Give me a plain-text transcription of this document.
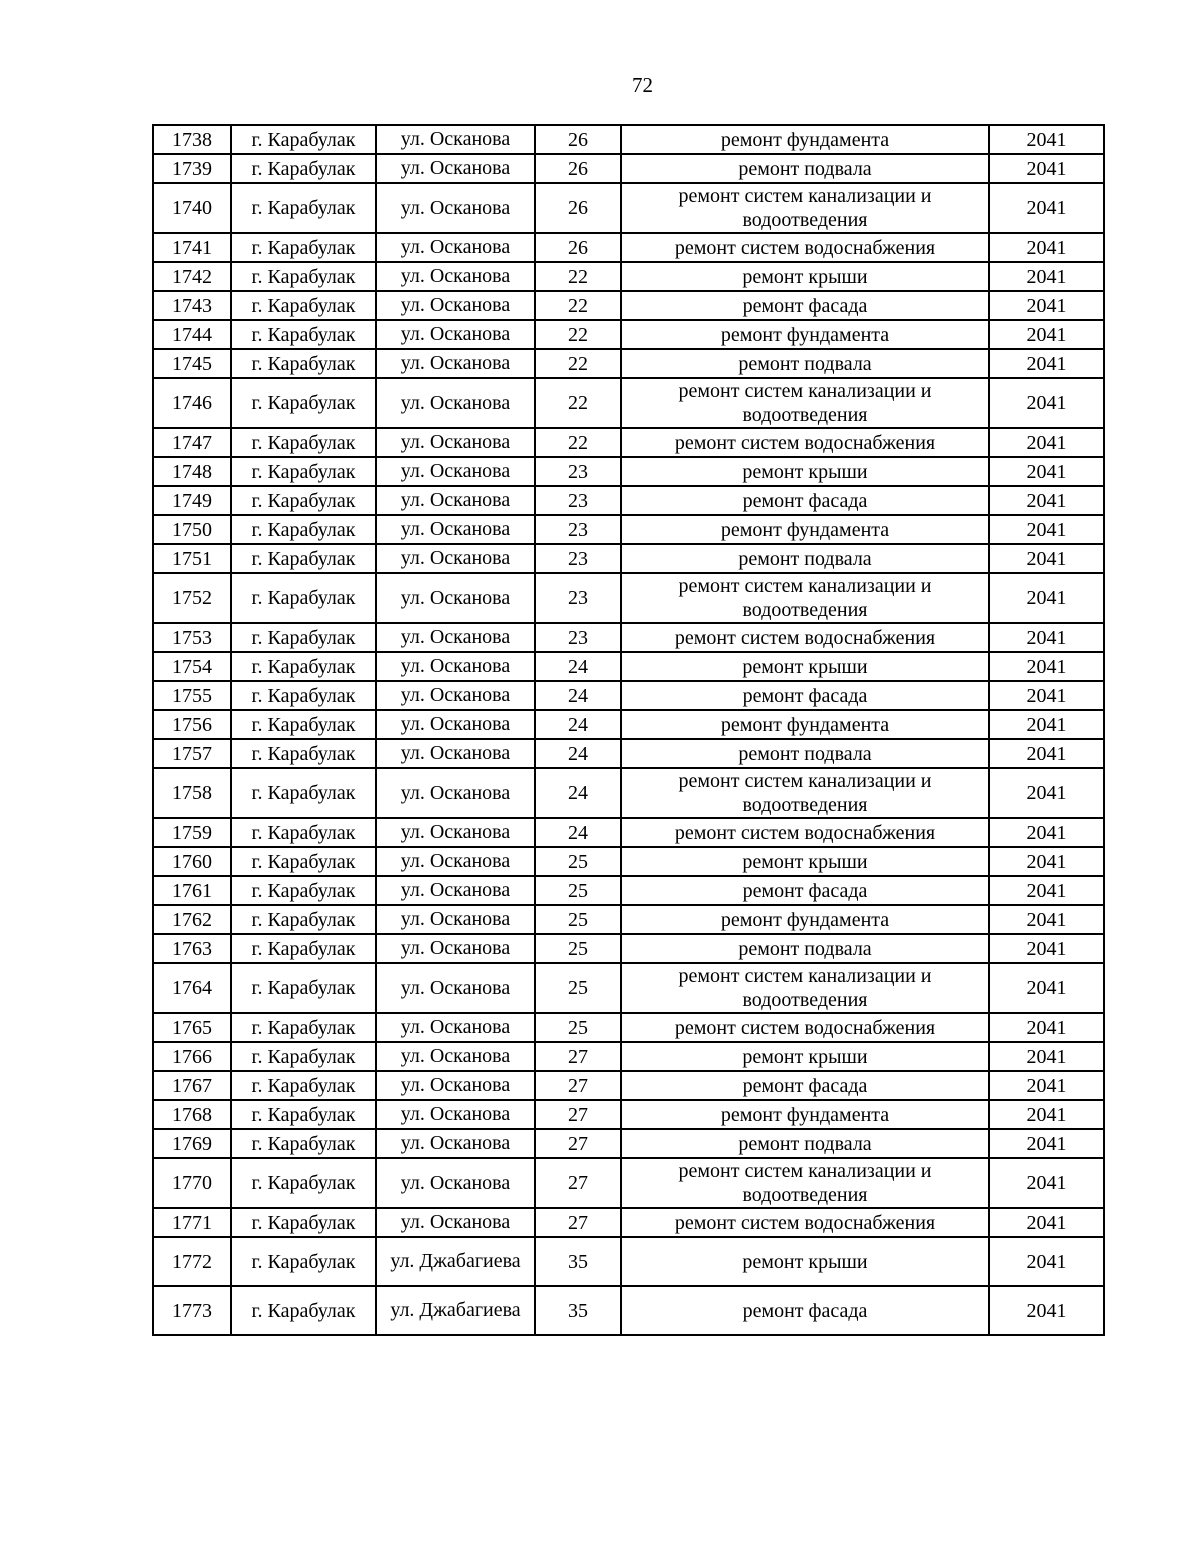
72
1738	г. Карабулак	ул. Осканова	26	ремонт фундамента	2041
1739	г. Карабулак	ул. Осканова	26	ремонт подвала	2041
1740	г. Карабулак	ул. Осканова	26	ремонт систем канализации и водоотведения	2041
1741	г. Карабулак	ул. Осканова	26	ремонт систем водоснабжения	2041
1742	г. Карабулак	ул. Осканова	22	ремонт крыши	2041
1743	г. Карабулак	ул. Осканова	22	ремонт фасада	2041
1744	г. Карабулак	ул. Осканова	22	ремонт фундамента	2041
1745	г. Карабулак	ул. Осканова	22	ремонт подвала	2041
1746	г. Карабулак	ул. Осканова	22	ремонт систем канализации и водоотведения	2041
1747	г. Карабулак	ул. Осканова	22	ремонт систем водоснабжения	2041
1748	г. Карабулак	ул. Осканова	23	ремонт крыши	2041
1749	г. Карабулак	ул. Осканова	23	ремонт фасада	2041
1750	г. Карабулак	ул. Осканова	23	ремонт фундамента	2041
1751	г. Карабулак	ул. Осканова	23	ремонт подвала	2041
1752	г. Карабулак	ул. Осканова	23	ремонт систем канализации и водоотведения	2041
1753	г. Карабулак	ул. Осканова	23	ремонт систем водоснабжения	2041
1754	г. Карабулак	ул. Осканова	24	ремонт крыши	2041
1755	г. Карабулак	ул. Осканова	24	ремонт фасада	2041
1756	г. Карабулак	ул. Осканова	24	ремонт фундамента	2041
1757	г. Карабулак	ул. Осканова	24	ремонт подвала	2041
1758	г. Карабулак	ул. Осканова	24	ремонт систем канализации и водоотведения	2041
1759	г. Карабулак	ул. Осканова	24	ремонт систем водоснабжения	2041
1760	г. Карабулак	ул. Осканова	25	ремонт крыши	2041
1761	г. Карабулак	ул. Осканова	25	ремонт фасада	2041
1762	г. Карабулак	ул. Осканова	25	ремонт фундамента	2041
1763	г. Карабулак	ул. Осканова	25	ремонт подвала	2041
1764	г. Карабулак	ул. Осканова	25	ремонт систем канализации и водоотведения	2041
1765	г. Карабулак	ул. Осканова	25	ремонт систем водоснабжения	2041
1766	г. Карабулак	ул. Осканова	27	ремонт крыши	2041
1767	г. Карабулак	ул. Осканова	27	ремонт фасада	2041
1768	г. Карабулак	ул. Осканова	27	ремонт фундамента	2041
1769	г. Карабулак	ул. Осканова	27	ремонт подвала	2041
1770	г. Карабулак	ул. Осканова	27	ремонт систем канализации и водоотведения	2041
1771	г. Карабулак	ул. Осканова	27	ремонт систем водоснабжения	2041
1772	г. Карабулак	ул. Джабагиева	35	ремонт крыши	2041
1773	г. Карабулак	ул. Джабагиева	35	ремонт фасада	2041
